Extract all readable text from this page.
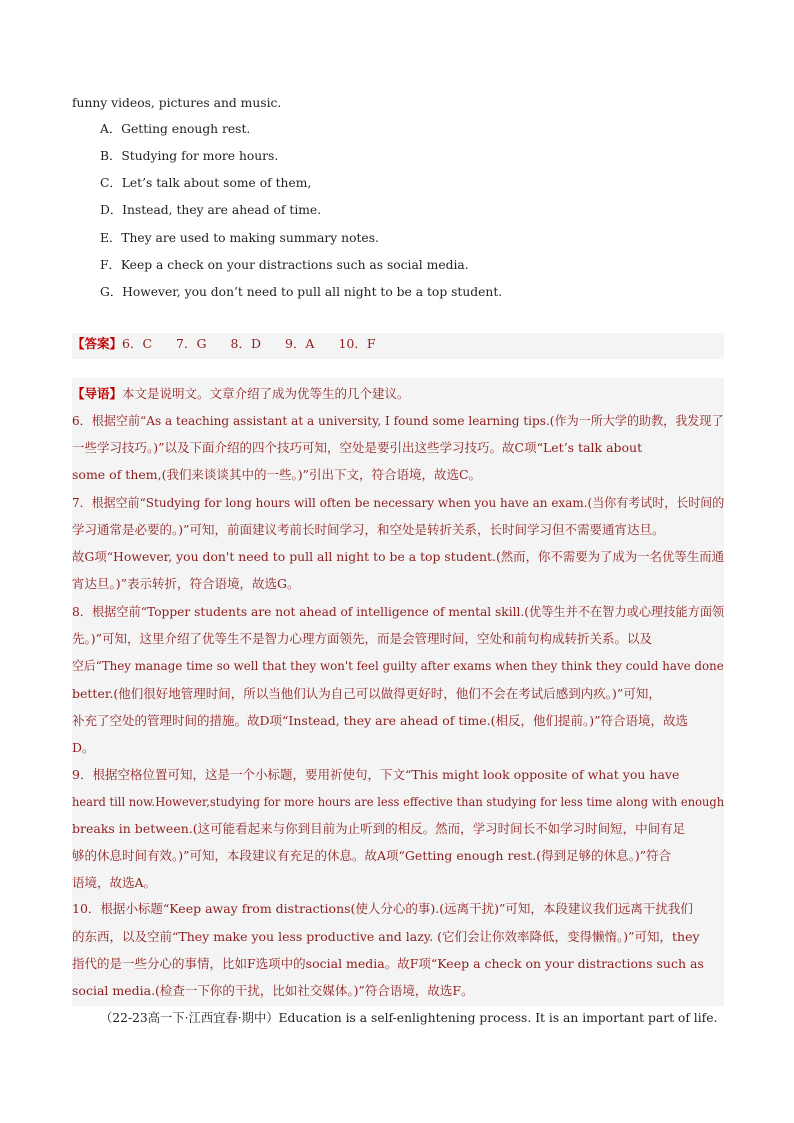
funny videos, pictures and music.
A．Getting enough rest.
B．Studying for more hours.
C．Let’s talk about some of them,
D．Instead, they are ahead of time.
E．They are used to making summary notes.
F．Keep a check on your distractions such as social media.
G．However, you don’t need to pull all night to be a top student.
【答案】6．C 7．G 8．D 9．A 10．F
【导语】本文是说明文。文章介绍了成为优等生的几个建议。
6．根据空前“As a teaching assistant at a university, I found some learning tips.(作为一所大学的助教，我发现了
一些学习技巧。)”以及下面介绍的四个技巧可知，空处是要引出这些学习技巧。故C项“Let’s talk about
some of them,(我们来谈谈其中的一些。)”引出下文，符合语境，故选C。
7．根据空前“Studying for long hours will often be necessary when you have an exam.(当你有考试时，长时间的
学习通常是必要的。)”可知，前面建议考前长时间学习，和空处是转折关系，长时间学习但不需要通宵达旦。
故G项“However, you don't need to pull all night to be a top student.(然而，你不需要为了成为一名优等生而通
宵达旦。)”表示转折，符合语境，故选G。
8．根据空前“Topper students are not ahead of intelligence of mental skill.(优等生并不在智力或心理技能方面领
先。)”可知，这里介绍了优等生不是智力心理方面领先，而是会管理时间，空处和前句构成转折关系。以及
空后“They manage time so well that they won't feel guilty after exams when they think they could have done
better.(他们很好地管理时间，所以当他们认为自己可以做得更好时，他们不会在考试后感到内疚。)”可知，
补充了空处的管理时间的措施。故D项“Instead, they are ahead of time.(相反，他们提前。)”符合语境，故选
D。
9．根据空格位置可知，这是一个小标题，要用祈使句，下文“This might look opposite of what you have
heard till now.However,studying for more hours are less effective than studying for less time along with enough
breaks in between.(这可能看起来与你到目前为止听到的相反。然而，学习时间长不如学习时间短，中间有足
够的休息时间有效。)”可知，本段建议有充足的休息。故A项“Getting enough rest.(得到足够的休息。)”符合
语境，故选A。
10．根据小标题“Keep away from distractions(使人分心的事).(远离干扰)”可知，本段建议我们远离干扰我们
的东西，以及空前“They make you less productive and lazy. (它们会让你效率降低，变得懒惰。)”可知，they
指代的是一些分心的事情，比如F选项中的social media。故F项“Keep a check on your distractions such as
social media.(检查一下你的干扰，比如社交媒体。)”符合语境，故选F。
（22-23高一下·江西宜春·期中）Education is a self-enlightening process. It is an important part of life.
